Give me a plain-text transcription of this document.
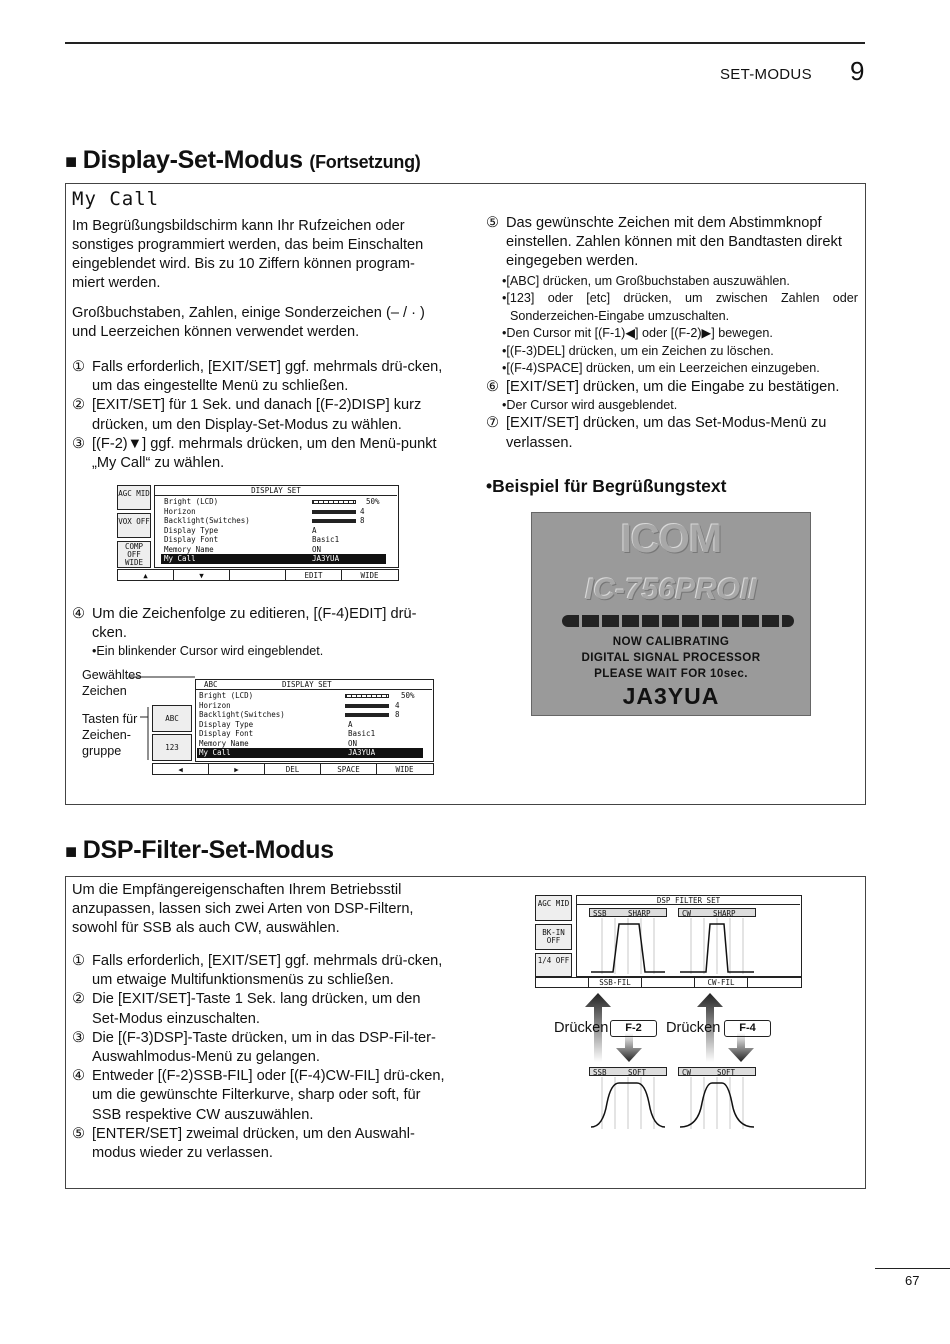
SET-MODUS 9
■ Display-Set-Modus (Fortsetzung)
My Call

Im Begrüßungsbildschirm kann Ihr Rufzeichen oder sonstiges programmiert werden, das beim Einschalten eingeblendet wird. Bis zu 10 Ziffern können program-miert werden.

Großbuchstaben, Zahlen, einige Sonderzeichen (– / · ) und Leerzeichen können verwendet werden.

① Falls erforderlich, [EXIT/SET] ggf. mehrmals drü-cken, um das eingestellte Menü zu schließen.
② [EXIT/SET] für 1 Sek. und danach [(F-2)DISP] kurz drücken, um den Display-Set-Modus zu wählen.
③ [(F-2)▼] ggf. mehrmals drücken, um den Menü-punkt „My Call“ zu wählen.
AGC MID
VOX OFF
COMP OFF WIDE
DISPLAY SET
Bright (LCD)	50%
Horizon	4
Backlight(Switches)	8
Display Type	A
Display Font	Basic1
Memory Name	ON
My Call	JA3YUA
▲	▼	EDIT	WIDE
④ Um die Zeichenfolge zu editieren, [(F-4)EDIT] drü-cken.
•Ein blinkender Cursor wird eingeblendet.
Gewähltes Zeichen
Tasten für Zeichen-gruppe
ABC
123
ABC	DISPLAY SET
Bright (LCD)	50%
Horizon	4
Backlight(Switches)	8
Display Type	A
Display Font	Basic1
Memory Name	ON
My Call	JA3YUA
◀	▶	DEL	SPACE	WIDE
⑤ Das gewünschte Zeichen mit dem Abstimmknopf einstellen. Zahlen können mit den Bandtasten direkt eingegeben werden.
•[ABC] drücken, um Großbuchstaben auszuwählen.
•[123] oder [etc] drücken, um zwischen Zahlen oder Sonderzeichen-Eingabe umzuschalten.
•Den Cursor mit [(F-1)◀] oder [(F-2)▶] bewegen.
•[(F-3)DEL] drücken, um ein Zeichen zu löschen.
•[(F-4)SPACE] drücken, um ein Leerzeichen einzugeben.
⑥ [EXIT/SET] drücken, um die Eingabe zu bestätigen.
•Der Cursor wird ausgeblendet.
⑦ [EXIT/SET] drücken, um das Set-Modus-Menü zu verlassen.
•Beispiel für Begrüßungstext
ICOM
IC-756PROII
NOW CALIBRATING
DIGITAL SIGNAL PROCESSOR
PLEASE WAIT FOR 10sec.
JA3YUA
■ DSP-Filter-Set-Modus

Um die Empfängereigenschaften Ihrem Betriebsstil anzupassen, lassen sich zwei Arten von DSP-Filtern, sowohl für SSB als auch CW, auswählen.

① Falls erforderlich, [EXIT/SET] ggf. mehrmals drü-cken, um etwaige Multifunktionsmenüs zu schließen.
② Die [EXIT/SET]-Taste 1 Sek. lang drücken, um den Set-Modus einzuschalten.
③ Die [(F-3)DSP]-Taste drücken, um in das DSP-Fil-ter-Auswahlmodus-Menü zu gelangen.
④ Entweder [(F-2)SSB-FIL] oder [(F-4)CW-FIL] drü-cken, um die gewünschte Filterkurve, sharp oder soft, für SSB respektive CW auszuwählen.
⑤ [ENTER/SET] zweimal drücken, um den Auswahl-modus wieder zu verlassen.
AGC MID
BK-IN OFF
1/4 OFF
DSP FILTER SET
SSB	SHARP	CW	SHARP
SSB-FIL	CW-FIL
Drücken	F-2	Drücken	F-4
SSB	SOFT	CW	SOFT
67
